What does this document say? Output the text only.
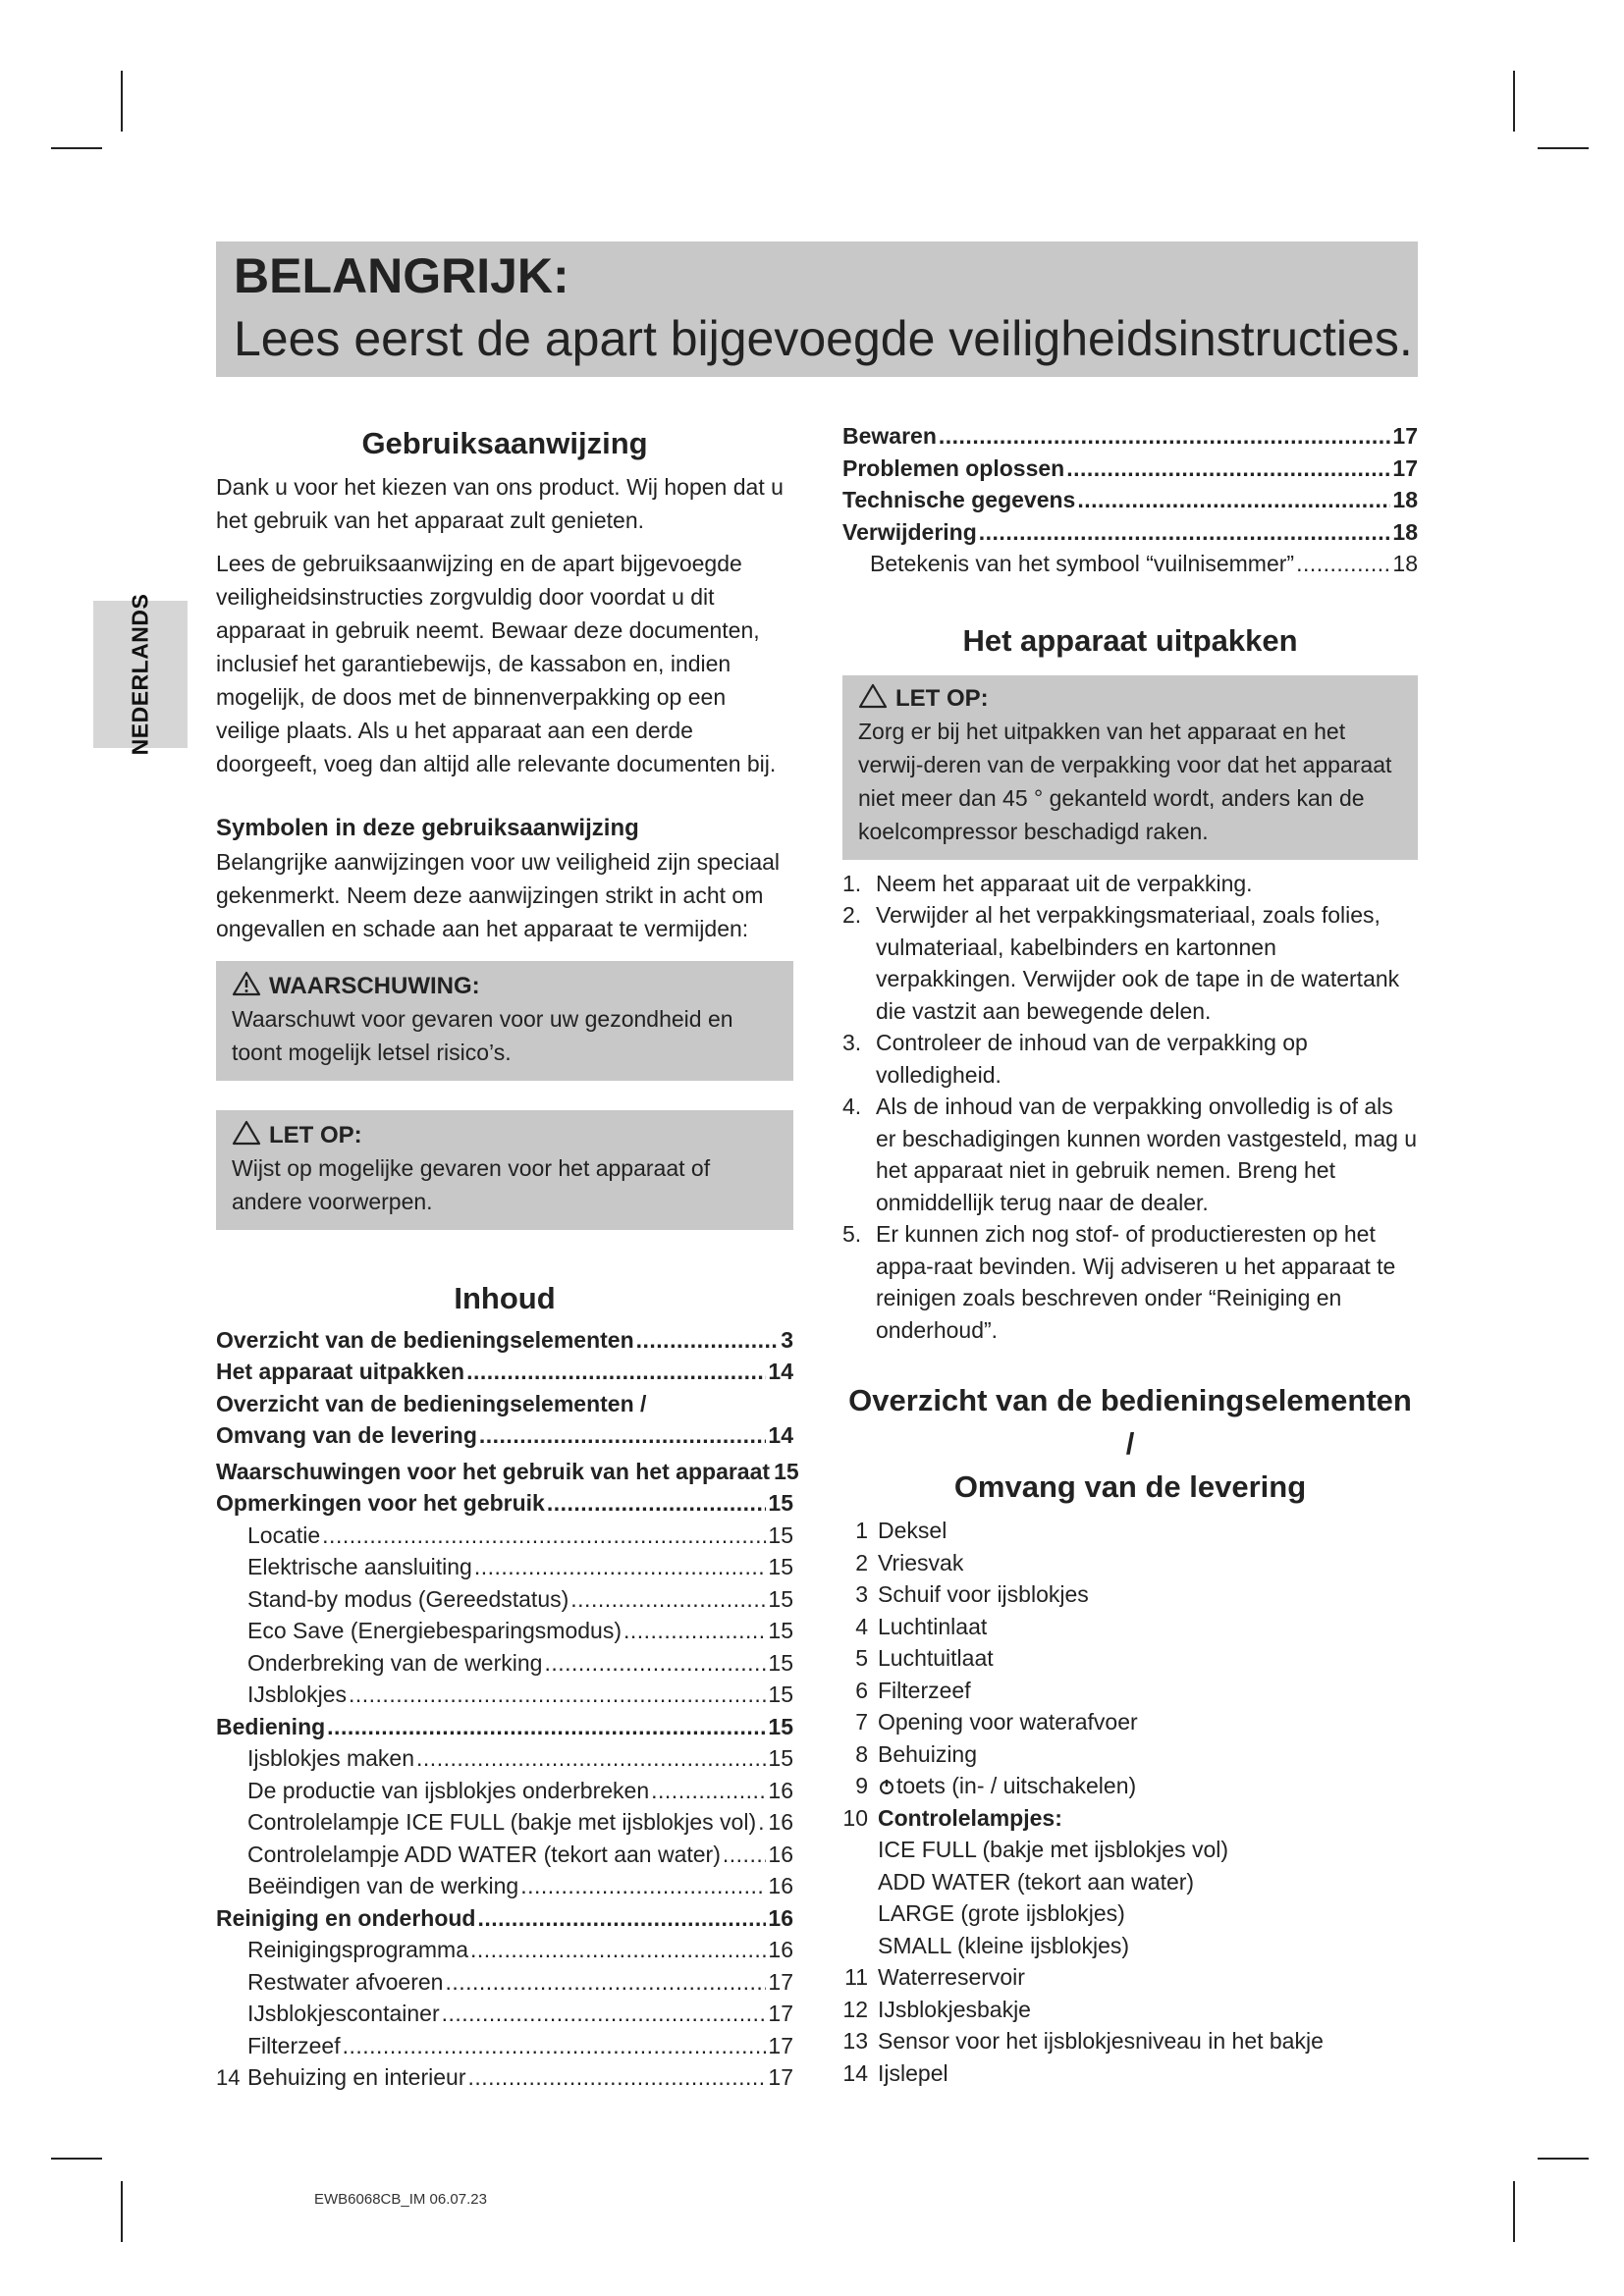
BELANGRIJK:
Lees eerst de apart bijgevoegde veiligheidsinstructies.
NEDERLANDS
Gebruiksaanwijzing

Dank u voor het kiezen van ons product. Wij hopen dat u het gebruik van het apparaat zult genieten.

Lees de gebruiksaanwijzing en de apart bijgevoegde veiligheidsinstructies zorgvuldig door voordat u dit apparaat in gebruik neemt. Bewaar deze documenten, inclusief het garantiebewijs, de kassabon en, indien mogelijk, de doos met de binnenverpakking op een veilige plaats. Als u het apparaat aan een derde doorgeeft, voeg dan altijd alle relevante documenten bij.

Symbolen in deze gebruiksaanwijzing

Belangrijke aanwijzingen voor uw veiligheid zijn speciaal gekenmerkt. Neem deze aanwijzingen strikt in acht om ongevallen en schade aan het apparaat te vermijden:

WAARSCHUWING:

Waarschuwt voor gevaren voor uw gezondheid en toont mogelijk letsel risico’s.

LET OP:

Wijst op mogelijke gevaren voor het apparaat of andere voorwerpen.

Inhoud
Overzicht van de bedieningselementen .....	3
Het apparaat uitpakken .....	14
Overzicht van de bedieningselementen /
Omvang van de levering .....	14
Waarschuwingen voor het gebruik van het apparaat 15
Opmerkingen voor het gebruik .....	15
Locatie .....	15
Elektrische aansluiting .....	15
Stand-by modus (Gereedstatus) .....	15
Eco Save (Energiebesparingsmodus) .....	15
Onderbreking van de werking .....	15
IJsblokjes .....	15
Bediening .....	15
Ijsblokjes maken .....	15
De productie van ijsblokjes onderbreken .....	16
Controlelampje ICE FULL (bakje met ijsblokjes vol) ..... 16
Controlelampje ADD WATER (tekort aan water) ..... 16
Beëindigen van de werking .....	16
Reiniging en onderhoud .....	16
Reinigingsprogramma .....	16
Restwater afvoeren .....	17
IJsblokjescontainer .....	17
Filterzeef .....	17
Behuizing en interieur .....	17
Bewaren .....	17
Problemen oplossen .....	17
Technische gegevens .....	18
Verwijdering .....	18
Betekenis van het symbool “vuilnisemmer” .....	18
Het apparaat uitpakken
LET OP:

Zorg er bij het uitpakken van het apparaat en het verwij-deren van de verpakking voor dat het apparaat niet meer dan 45 ° gekanteld wordt, anders kan de koelcompressor beschadigd raken.

1. Neem het apparaat uit de verpakking.
2. Verwijder al het verpakkingsmateriaal, zoals folies, vulmateriaal, kabelbinders en kartonnen verpakkingen. Verwijder ook de tape in de watertank die vastzit aan bewegende delen.
3. Controleer de inhoud van de verpakking op volledigheid.
4. Als de inhoud van de verpakking onvolledig is of als er beschadigingen kunnen worden vastgesteld, mag u het apparaat niet in gebruik nemen. Breng het onmiddellijk terug naar de dealer.
5. Er kunnen zich nog stof- of productieresten op het appa-raat bevinden. Wij adviseren u het apparaat te reinigen zoals beschreven onder “Reiniging en onderhoud”.
Overzicht van de bedieningselementen /
Omvang van de levering
1 Deksel
2 Vriesvak
3 Schuif voor ijsblokjes
4 Luchtinlaat
5 Luchtuitlaat
6 Filterzeef
7 Opening voor waterafvoer
8 Behuizing
9 toets (in- / uitschakelen)
10 Controlelampjes:
ICE FULL (bakje met ijsblokjes vol)
ADD WATER (tekort aan water)
LARGE (grote ijsblokjes)
SMALL (kleine ijsblokjes)
11 Waterreservoir
12 IJsblokjesbakje
13 Sensor voor het ijsblokjesniveau in het bakje
14 Ijslepel
14
EWB6068CB_IM 06.07.23
